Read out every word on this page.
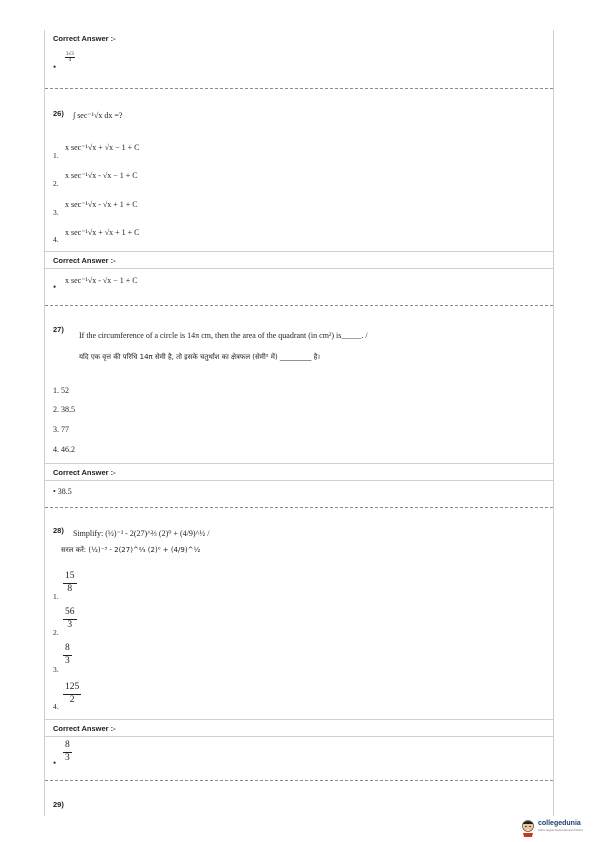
Correct Answer :-
•
$\frac{3√3}{4}$
26) ∫ sec⁻¹√x dx =?
1.
x sec⁻¹√x + √x − 1 + C
2.
x sec⁻¹√x - √x − 1 + C
3.
x sec⁻¹√x - √x + 1 + C
4.
x sec⁻¹√x + √x + 1 + C
Correct Answer :-
•
x sec⁻¹√x - √x − 1 + C
27)
If the circumference of a circle is 14π cm, then the area of the quadrant (in cm²) is_____. /
यदि एक वृत्त की परिधि 14π सेमी है, तो इसके चतुर्थांश का क्षेत्रफल (सेमी² में) _________ है।
1. 52
2. 38.5
3. 77
4. 46.2
Correct Answer :-
• 38.5
28) Simplify: (½)⁻³ - 2(27)^⅔ (2)⁰ + (4/9)^½ /
सरल करें: (½)⁻³ - 2(27)^⅔ (2)⁰ + (4/9)^½
1.
$\frac{15}{8}$
2.
$\frac{56}{3}$
3.
$\frac{8}{3}$
4.
$\frac{125}{2}$
Correct Answer :-
• $\frac{8}{3}$
29)
collegedunia
India's largest Student Review Platform
